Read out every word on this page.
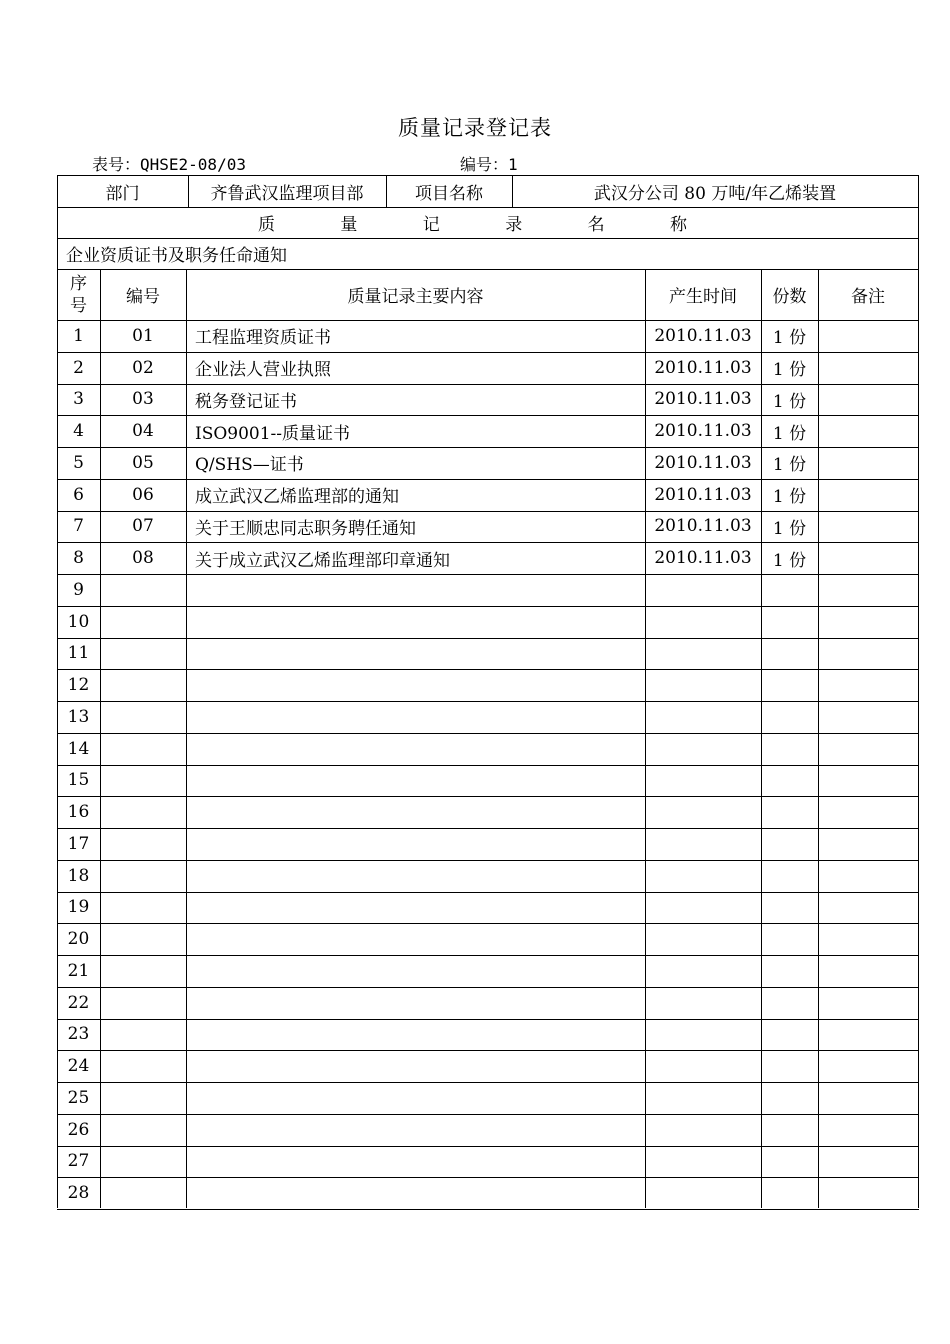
质量记录登记表
表号：QHSE2-08/03	编号：1
部门	齐鲁武汉监理项目部	项目名称	武汉分公司 80 万吨/年乙烯装置
质 量 记 录 名 称
企业资质证书及职务任命通知
序号	编号	质量记录主要内容	产生时间	份数	备注
1	01	工程监理资质证书	2010.11.03	1 份
2	02	企业法人营业执照	2010.11.03	1 份
3	03	税务登记证书	2010.11.03	1 份
4	04	ISO9001--质量证书	2010.11.03	1 份
5	05	Q/SHS—证书	2010.11.03	1 份
6	06	成立武汉乙烯监理部的通知	2010.11.03	1 份
7	07	关于王顺忠同志职务聘任通知	2010.11.03	1 份
8	08	关于成立武汉乙烯监理部印章通知	2010.11.03	1 份
9
10
11
12
13
14
15
16
17
18
19
20
21
22
23
24
25
26
27
28
